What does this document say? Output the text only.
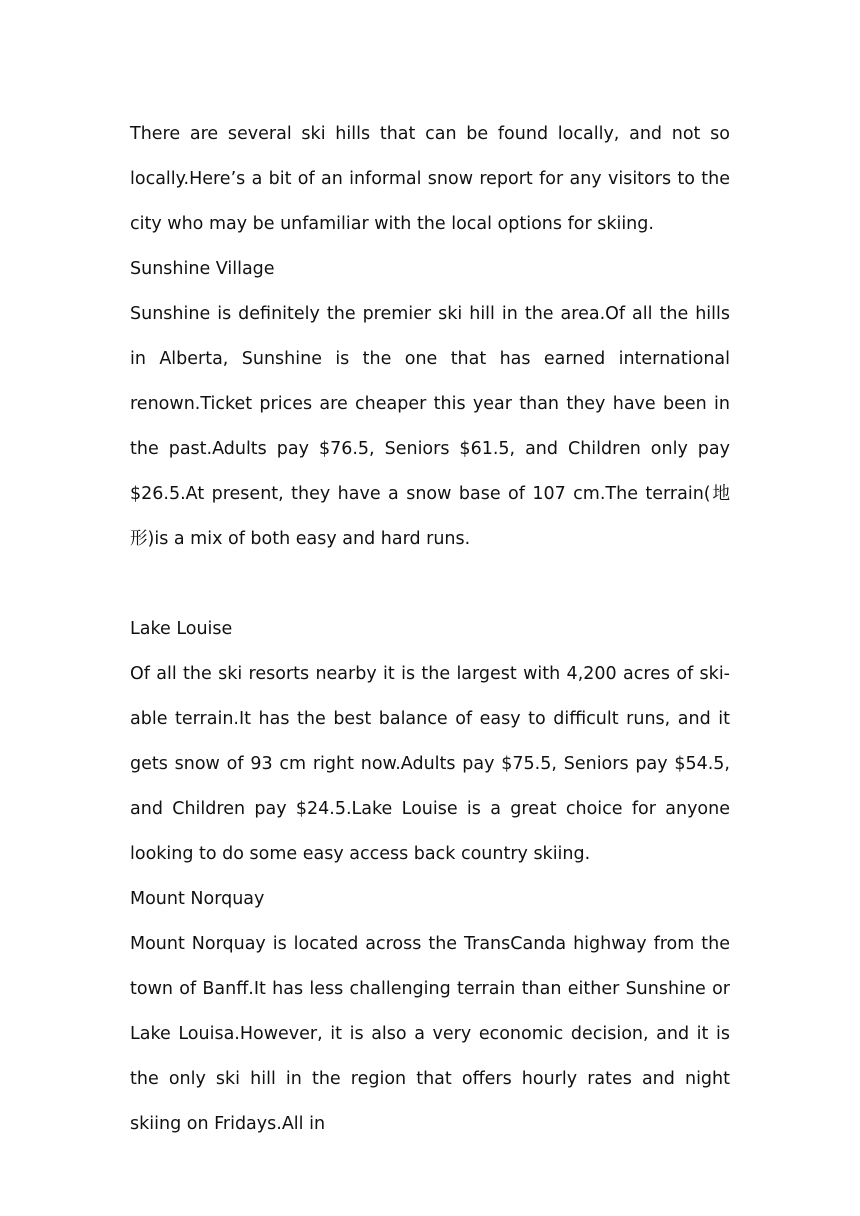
There are several ski hills that can be found locally, and not so locally.Here’s a bit of an informal snow report for any visitors to the city who may be unfamiliar with the local options for skiing.

Sunshine Village

Sunshine is definitely the premier ski hill in the area.Of all the hills in Alberta, Sunshine is the one that has earned international renown.Ticket prices are cheaper this year than they have been in the past.Adults pay $76.5, Seniors $61.5, and Children only pay $26.5.At present, they have a snow base of 107 cm.The terrain(地形)is a mix of both easy and hard runs.

Lake Louise

Of all the ski resorts nearby it is the largest with 4,200 acres of ski-able terrain.It has the best balance of easy to difficult runs, and it gets snow of 93 cm right now.Adults pay $75.5, Seniors pay $54.5, and Children pay $24.5.Lake Louise is a great choice for anyone looking to do some easy access back country skiing.

Mount Norquay

Mount Norquay is located across the TransCanda highway from the town of Banff.It has less challenging terrain than either Sunshine or Lake Louisa.However, it is also a very economic decision, and it is the only ski hill in the region that offers hourly rates and night skiing on Fridays.All in
